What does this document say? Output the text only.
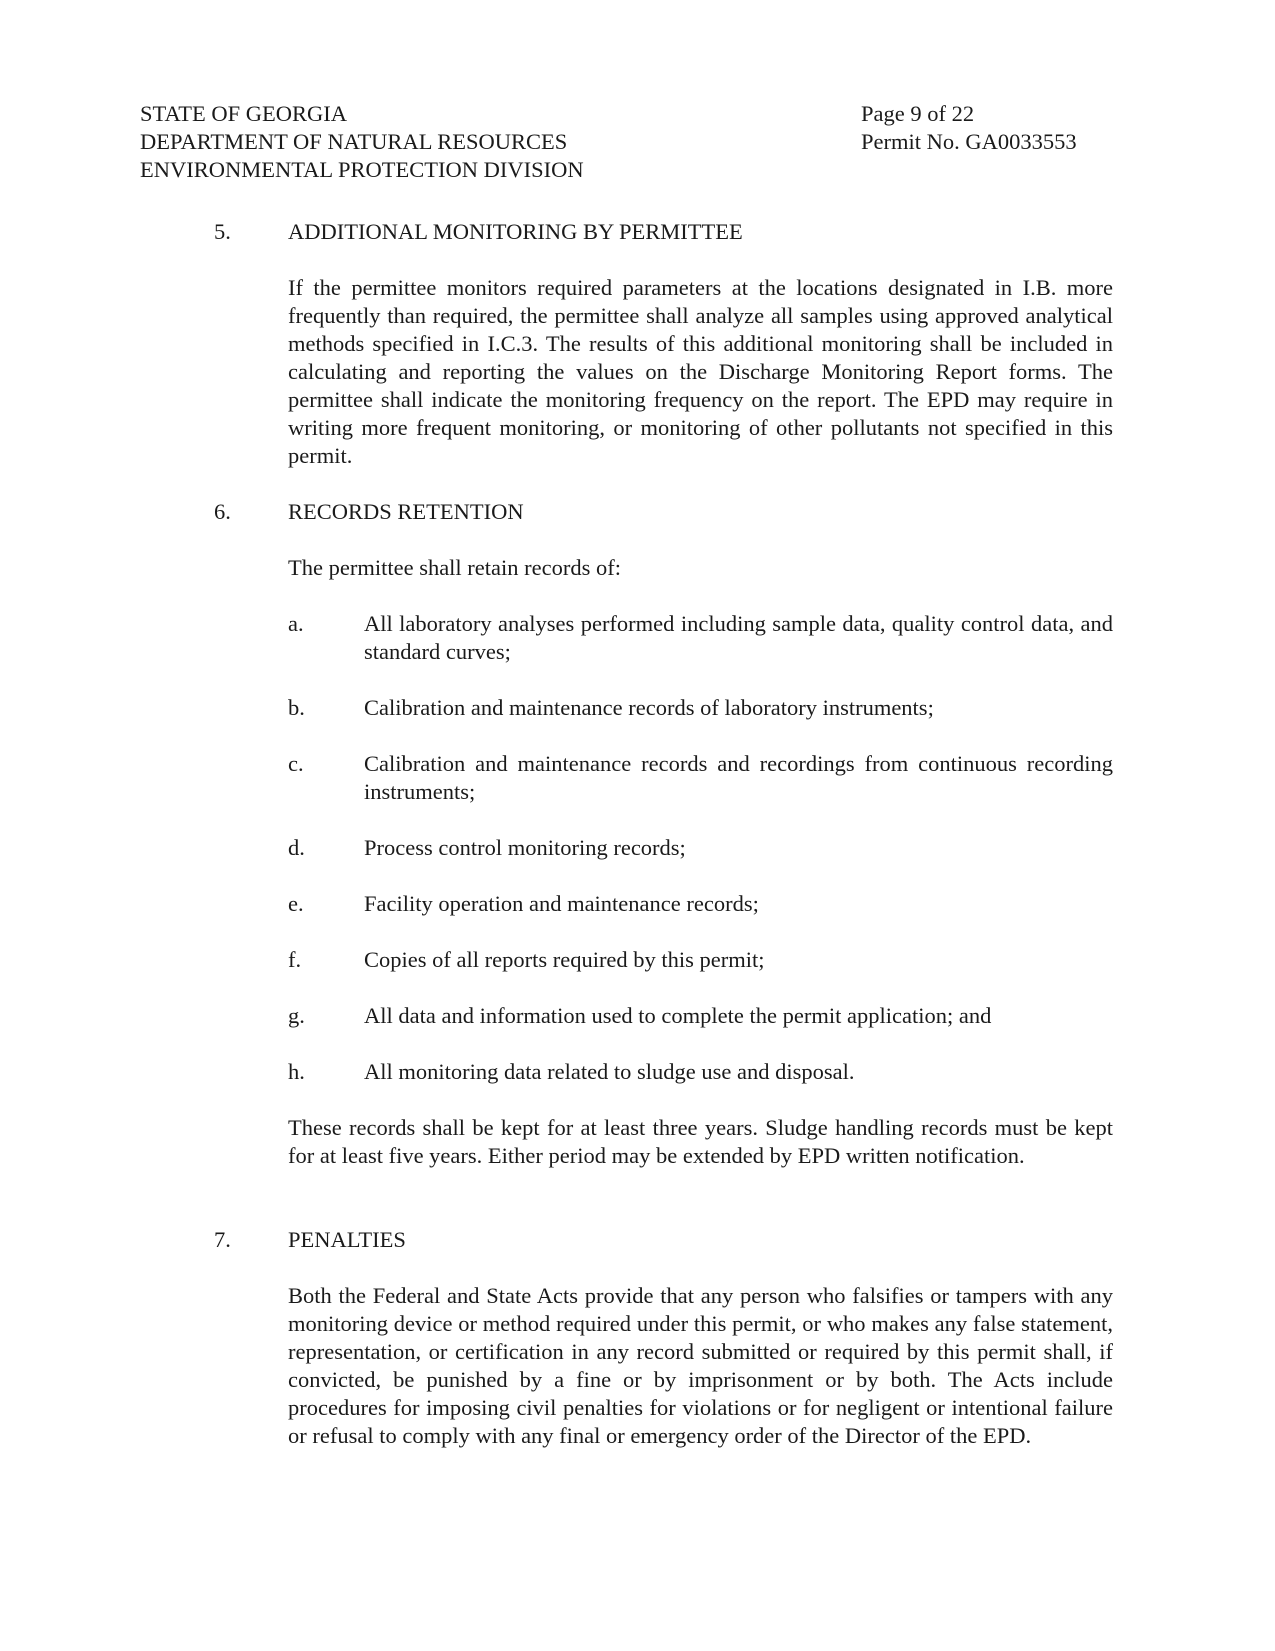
STATE OF GEORGIA
DEPARTMENT OF NATURAL RESOURCES
ENVIRONMENTAL PROTECTION DIVISION
Page 9 of 22
Permit No. GA0033553
5.	ADDITIONAL MONITORING BY PERMITTEE

If the permittee monitors required parameters at the locations designated in I.B. more frequently than required, the permittee shall analyze all samples using approved analytical methods specified in I.C.3. The results of this additional monitoring shall be included in calculating and reporting the values on the Discharge Monitoring Report forms. The permittee shall indicate the monitoring frequency on the report. The EPD may require in writing more frequent monitoring, or monitoring of other pollutants not specified in this permit.

6.	RECORDS RETENTION

The permittee shall retain records of:

a.	All laboratory analyses performed including sample data, quality control data, and standard curves;

b.	Calibration and maintenance records of laboratory instruments;

c.	Calibration and maintenance records and recordings from continuous recording instruments;

d.	Process control monitoring records;

e.	Facility operation and maintenance records;

f.	Copies of all reports required by this permit;

g.	All data and information used to complete the permit application; and

h.	All monitoring data related to sludge use and disposal.

These records shall be kept for at least three years. Sludge handling records must be kept for at least five years. Either period may be extended by EPD written notification.

7.	PENALTIES

Both the Federal and State Acts provide that any person who falsifies or tampers with any monitoring device or method required under this permit, or who makes any false statement, representation, or certification in any record submitted or required by this permit shall, if convicted, be punished by a fine or by imprisonment or by both. The Acts include procedures for imposing civil penalties for violations or for negligent or intentional failure or refusal to comply with any final or emergency order of the Director of the EPD.
